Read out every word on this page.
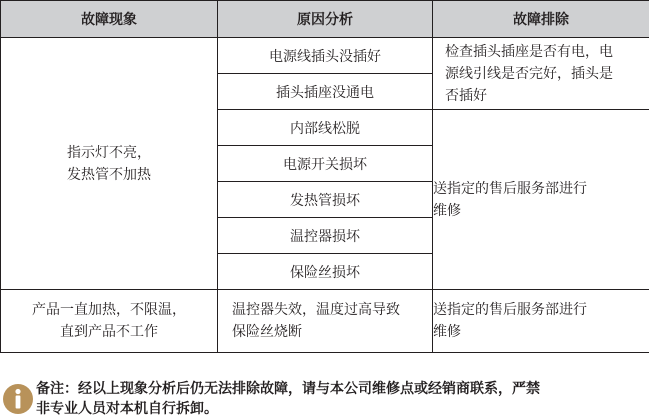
故障现象	原因分析	故障排除

指示灯不亮，
发热管不加热	电源线插头没插好	检查插头插座是否有电，电
源线引线是否完好，插头是
否插好

	插头插座没通电	
	内部线松脱	送指定的售后服务部进行
维修

	电源开关损坏	
	发热管损坏	
	温控器损坏	
	保险丝损坏	

产品一直加热，不限温，
直到产品不工作	温控器失效，温度过高导致
保险丝烧断	送指定的售后服务部进行
维修
备注：经以上现象分析后仍无法排除故障，请与本公司维修点或经销商联系，严禁
非专业人员对本机自行拆卸。
